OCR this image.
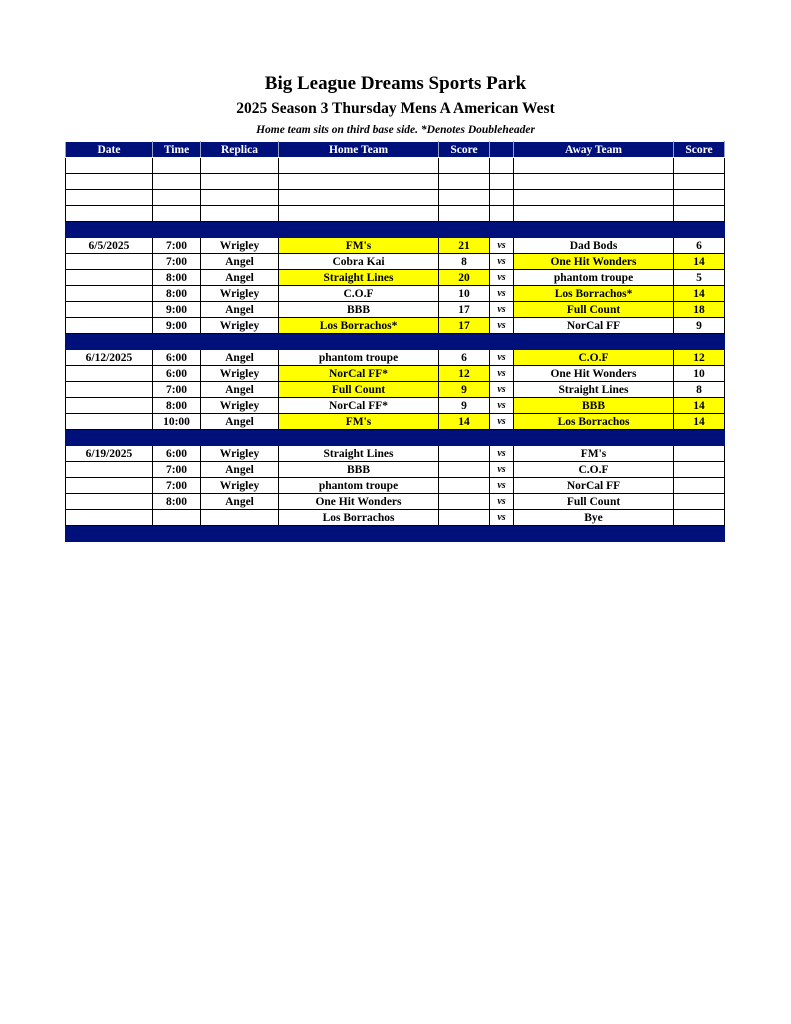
Big League Dreams Sports Park
2025 Season 3 Thursday Mens A American West
Home team sits on third base side. *Denotes Doubleheader
Date	Time	Replica	Home Team	Score		Away Team	Score

6/5/2025	7:00	Wrigley	FM's	21	vs	Dad Bods	6
	7:00	Angel	Cobra Kai	8	vs	One Hit Wonders	14
	8:00	Angel	Straight Lines	20	vs	phantom troupe	5
	8:00	Wrigley	C.O.F	10	vs	Los Borrachos*	14
	9:00	Angel	BBB	17	vs	Full Count	18
	9:00	Wrigley	Los Borrachos*	17	vs	NorCal FF	9

6/12/2025	6:00	Angel	phantom troupe	6	vs	C.O.F	12
	6:00	Wrigley	NorCal FF*	12	vs	One Hit Wonders	10
	7:00	Angel	Full Count	9	vs	Straight Lines	8
	8:00	Wrigley	NorCal FF*	9	vs	BBB	14
	10:00	Angel	FM's	14	vs	Los Borrachos	14

6/19/2025	6:00	Wrigley	Straight Lines		vs	FM's	
	7:00	Angel	BBB		vs	C.O.F	
	7:00	Wrigley	phantom troupe		vs	NorCal FF	
	8:00	Angel	One Hit Wonders		vs	Full Count	
			Los Borrachos		vs	Bye	
